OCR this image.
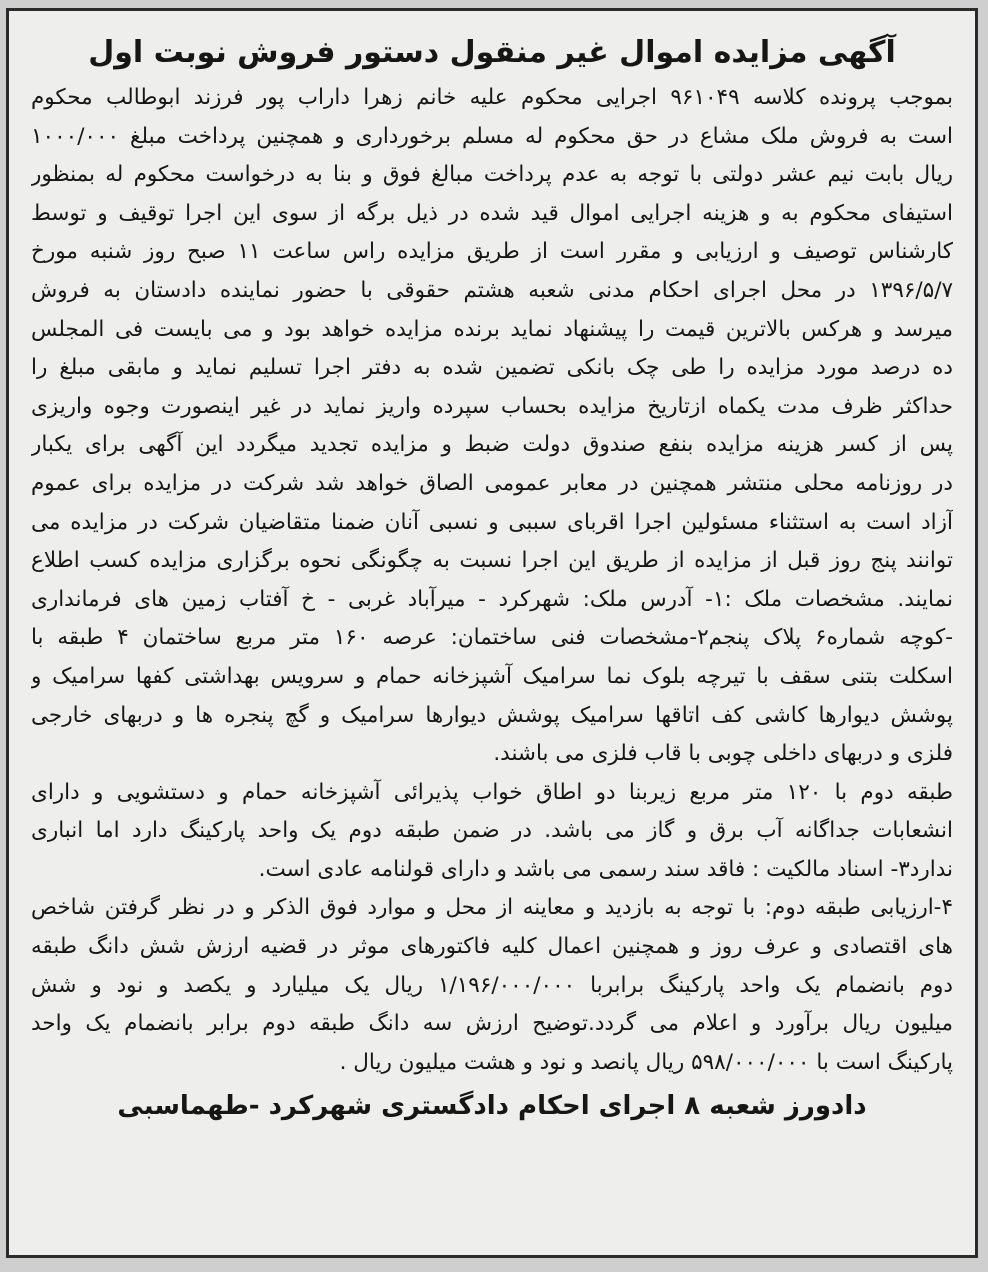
آگهی مزایده اموال غیر منقول دستور فروش نوبت اول
بموجب پرونده کلاسه ۹۶۱۰۴۹ اجرایی محکوم علیه خانم زهرا داراب پور فرزند ابوطالب محکوم
است به فروش ملک مشاع در حق محکوم له مسلم برخورداری و همچنین پرداخت مبلغ ۱۰۰۰/۰۰۰
ریال بابت نیم عشر دولتی با توجه به عدم پرداخت مبالغ فوق و بنا به درخواست محکوم له بمنظور
استیفای محکوم به و هزینه اجرایی اموال قید شده در ذیل برگه از سوی این اجرا توقیف و توسط
کارشناس توصیف و ارزیابی و مقرر است از طریق مزایده راس ساعت ۱۱ صبح روز شنبه مورخ
۱۳۹۶/۵/۷ در محل اجرای احکام مدنی شعبه هشتم حقوقی با حضور نماینده دادستان به فروش
میرسد و هرکس بالاترین قیمت را پیشنهاد نماید برنده مزایده خواهد بود و می بایست فی المجلس
ده درصد مورد مزایده را طی چک بانکی تضمین شده به دفتر اجرا تسلیم نماید و مابقی مبلغ را
حداکثر ظرف مدت یکماه ازتاریخ مزایده بحساب سپرده واریز نماید در غیر اینصورت وجوه واریزی
پس از کسر هزینه مزایده بنفع صندوق دولت ضبط و مزایده تجدید میگردد این آگهی برای یکبار
در روزنامه محلی منتشر همچنین در معابر عمومی الصاق خواهد شد شرکت در مزایده برای عموم
آزاد است به استثناء مسئولین اجرا اقربای سببی و نسبی آنان ضمنا متقاضیان شرکت در مزایده می
توانند پنج روز قبل از مزایده از طریق این اجرا نسبت به چگونگی نحوه برگزاری مزایده کسب اطلاع
نمایند. مشخصات ملک :۱- آدرس ملک: شهرکرد - میرآباد غربی - خ آفتاب زمین های فرمانداری
-کوچه شماره۶ پلاک پنجم۲-مشخصات فنی ساختمان: عرصه ۱۶۰ متر مربع ساختمان ۴ طبقه با
اسکلت بتنی سقف با تیرچه بلوک نما سرامیک آشپزخانه حمام و سرویس بهداشتی کفها سرامیک و
پوشش دیوارها کاشی کف اتاقها سرامیک پوشش دیوارها سرامیک و گچ پنجره ها و دربهای خارجی
فلزی و دربهای داخلی چوبی با قاب فلزی می باشند.
طبقه دوم با ۱۲۰ متر مربع زیربنا دو اطاق خواب پذیرائی آشپزخانه حمام و دستشویی و دارای
انشعابات جداگانه آب برق و گاز می باشد. در ضمن طبقه دوم یک واحد پارکینگ دارد اما انباری
ندارد۳- اسناد مالکیت : فاقد سند رسمی می باشد و دارای قولنامه عادی است.
۴-ارزیابی طبقه دوم: با توجه به بازدید و معاینه از محل و موارد فوق الذکر و در نظر گرفتن شاخص
های اقتصادی و عرف روز و همچنین اعمال کلیه فاکتورهای موثر در قضیه ارزش شش دانگ طبقه
دوم بانضمام یک واحد پارکینگ برابربا ۱/۱۹۶/۰۰۰/۰۰۰ ریال یک میلیارد و یکصد و نود و شش
میلیون ریال برآورد و اعلام می گردد.توضیح ارزش سه دانگ طبقه دوم برابر بانضمام یک واحد
پارکینگ است با ۵۹۸/۰۰۰/۰۰۰ ریال پانصد و نود و هشت میلیون ریال .
دادورز شعبه ۸ اجرای احکام دادگستری شهرکرد -طهماسبی
